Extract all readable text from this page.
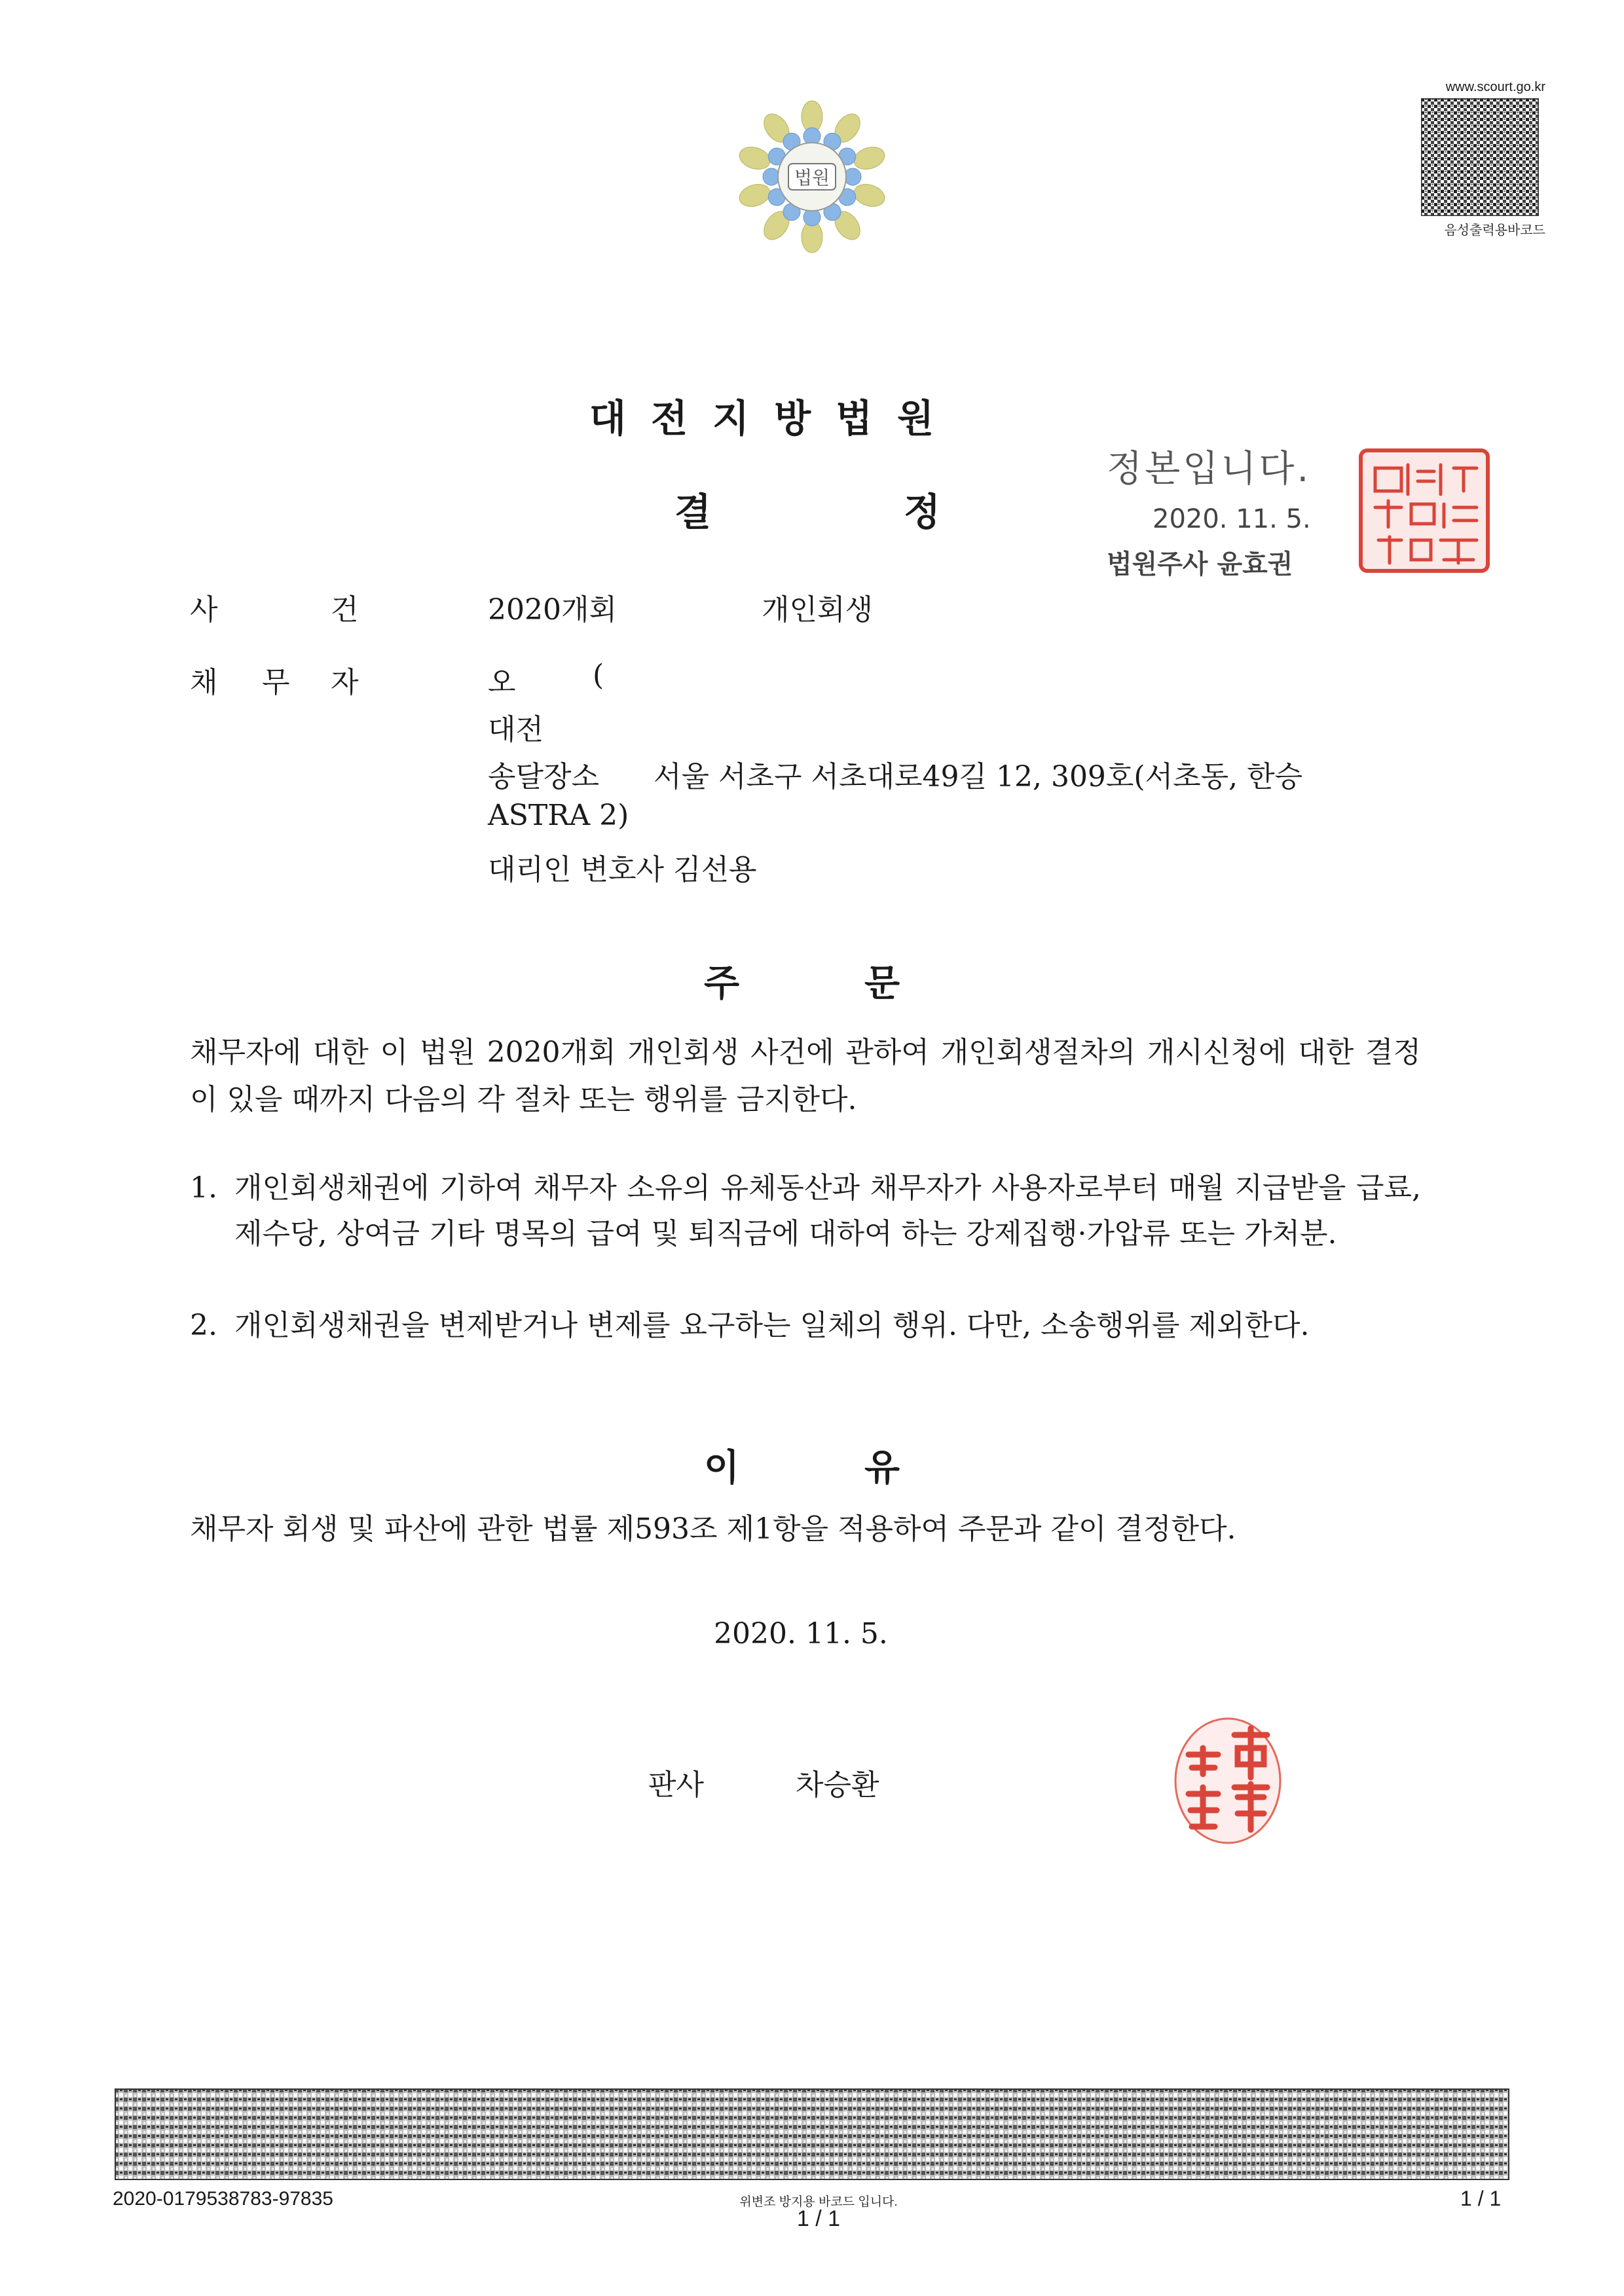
법원
www.scourt.go.kr
음성출력용바코드
대전지방법원
결	정
정본입니다.
2020. 11. 5.
법원주사 윤효권
사	건	2020개회	개인회생
채 무 자	오	(
대전
송달장소 서울 서초구 서초대로49길 12, 309호(서초동, 한승
ASTRA 2)
대리인 변호사 김선용
주	문
채무자에 대한 이 법원 2020개회 개인회생 사건에 관하여 개인회생절차의 개시신청에 대한 결정이 있을 때까지 다음의 각 절차 또는 행위를 금지한다.
1. 개인회생채권에 기하여 채무자 소유의 유체동산과 채무자가 사용자로부터 매월 지급받을 급료, 제수당, 상여금 기타 명목의 급여 및 퇴직금에 대하여 하는 강제집행·가압류 또는 가처분.
2. 개인회생채권을 변제받거나 변제를 요구하는 일체의 행위. 다만, 소송행위를 제외한다.
이	유
채무자 회생 및 파산에 관한 법률 제593조 제1항을 적용하여 주문과 같이 결정한다.
2020. 11. 5.
판사	차승환
2020-0179538783-97835	위변조 방지용 바코드 입니다.
1 / 1
1 / 1
